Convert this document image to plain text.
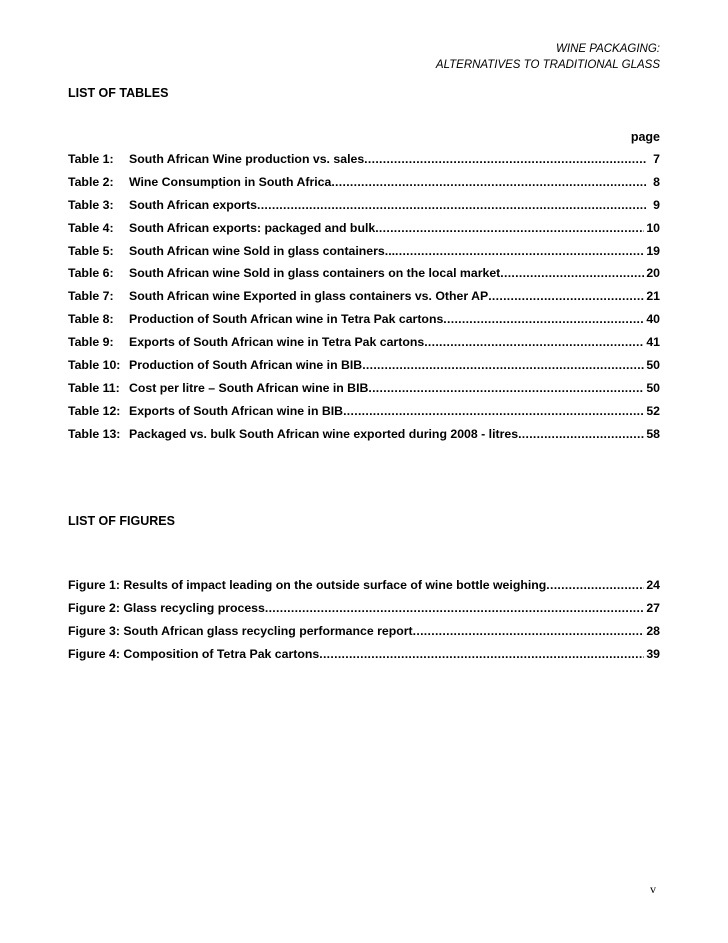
WINE PACKAGING:
ALTERNATIVES TO TRADITIONAL GLASS
LIST OF TABLES
page
Table 1:	South African Wine production vs. sales .....	7
Table 2:	Wine Consumption in South Africa .....	8
Table 3:	South African exports .....	9
Table 4:	South African exports: packaged and bulk .....	10
Table 5:	South African wine Sold in glass containers... .....	19
Table 6:	South African wine Sold in glass containers on the local market .....	20
Table 7:	South African wine Exported in glass containers vs. Other AP .....	21
Table 8:	Production of South African wine in Tetra Pak cartons .....	40
Table 9:	Exports of South African wine in Tetra Pak cartons .....	41
Table 10: Production of South African wine in BIB .....	50
Table 11: Cost per litre – South African wine in BIB .....	50
Table 12: Exports of South African wine in BIB .....	52
Table 13: Packaged vs. bulk South African wine exported during 2008 - litres .....	58
LIST OF FIGURES
Figure 1:
Results of impact leading on the outside surface of wine bottle weighing .....	24
Figure 2:
Glass recycling process .....	27
Figure 3:
South African glass recycling performance report .....	28
Figure 4:
Composition of Tetra Pak cartons .....	39
v
